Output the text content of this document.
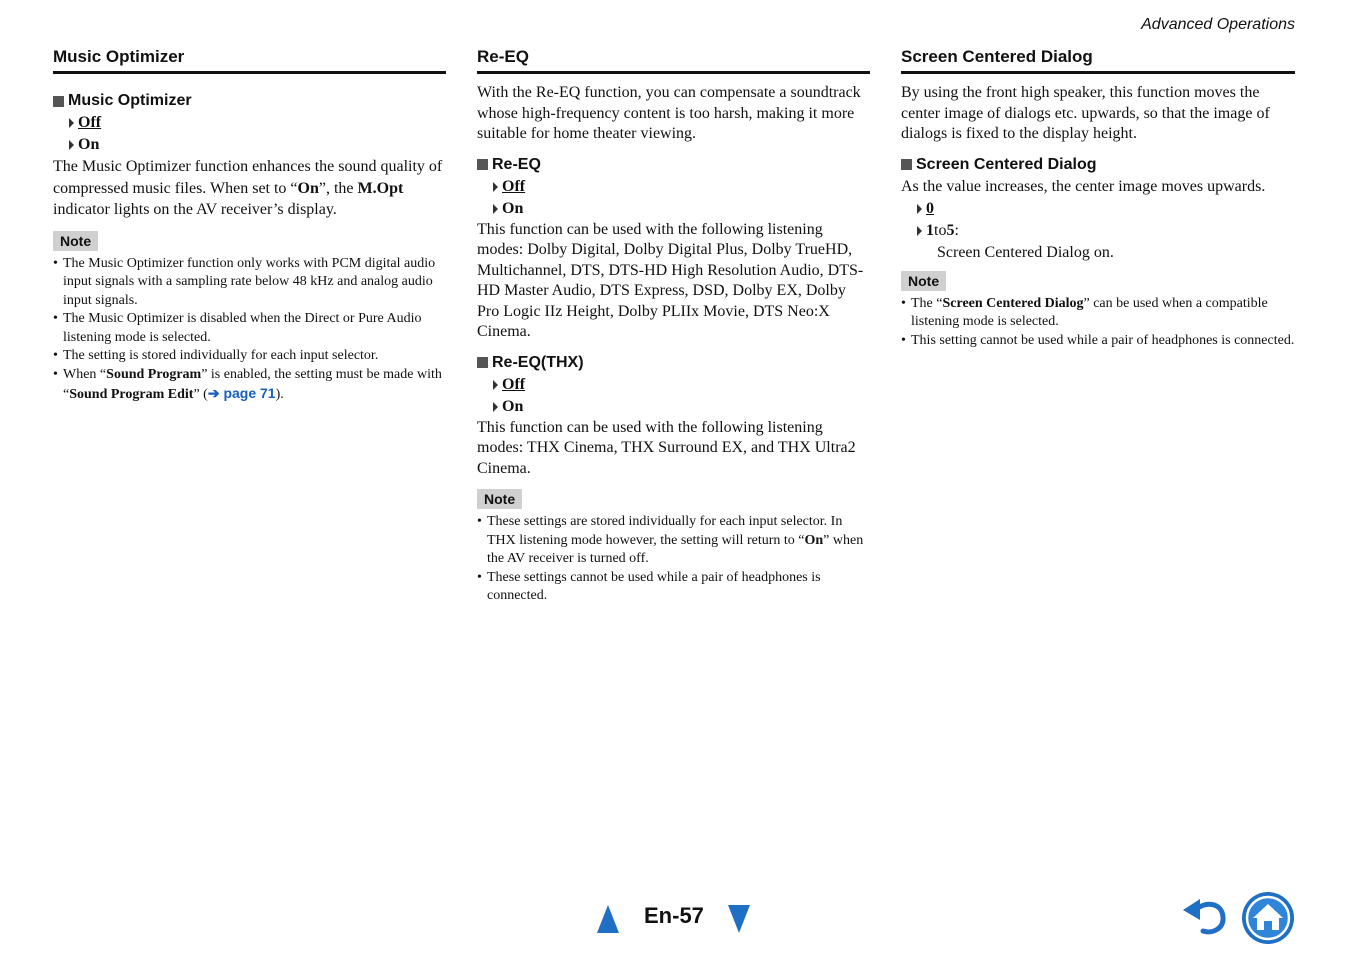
Advanced Operations
Music Optimizer
Music Optimizer
Off
On

The Music Optimizer function enhances the sound quality of compressed music files. When set to “On”, the M.Opt indicator lights on the AV receiver’s display.

Note
• The Music Optimizer function only works with PCM digital audio input signals with a sampling rate below 48 kHz and analog audio input signals.
• The Music Optimizer is disabled when the Direct or Pure Audio listening mode is selected.
• The setting is stored individually for each input selector.
• When “Sound Program” is enabled, the setting must be made with “Sound Program Edit” (➔ page 71).
Re-EQ

With the Re-EQ function, you can compensate a soundtrack whose high-frequency content is too harsh, making it more suitable for home theater viewing.

Re-EQ
Off
On

This function can be used with the following listening modes: Dolby Digital, Dolby Digital Plus, Dolby TrueHD, Multichannel, DTS, DTS-HD High Resolution Audio, DTS-HD Master Audio, DTS Express, DSD, Dolby EX, Dolby Pro Logic IIz Height, Dolby PLIIx Movie, DTS Neo:X Cinema.

Re-EQ(THX)
Off
On

This function can be used with the following listening modes: THX Cinema, THX Surround EX, and THX Ultra2 Cinema.

Note
• These settings are stored individually for each input selector. In THX listening mode however, the setting will return to “On” when the AV receiver is turned off.
• These settings cannot be used while a pair of headphones is connected.
Screen Centered Dialog

By using the front high speaker, this function moves the center image of dialogs etc. upwards, so that the image of dialogs is fixed to the display height.

Screen Centered Dialog

As the value increases, the center image moves upwards.

0
1 to 5 :

Screen Centered Dialog on.

Note
• The “Screen Centered Dialog” can be used when a compatible listening mode is selected.
• This setting cannot be used while a pair of headphones is connected.
En-57
